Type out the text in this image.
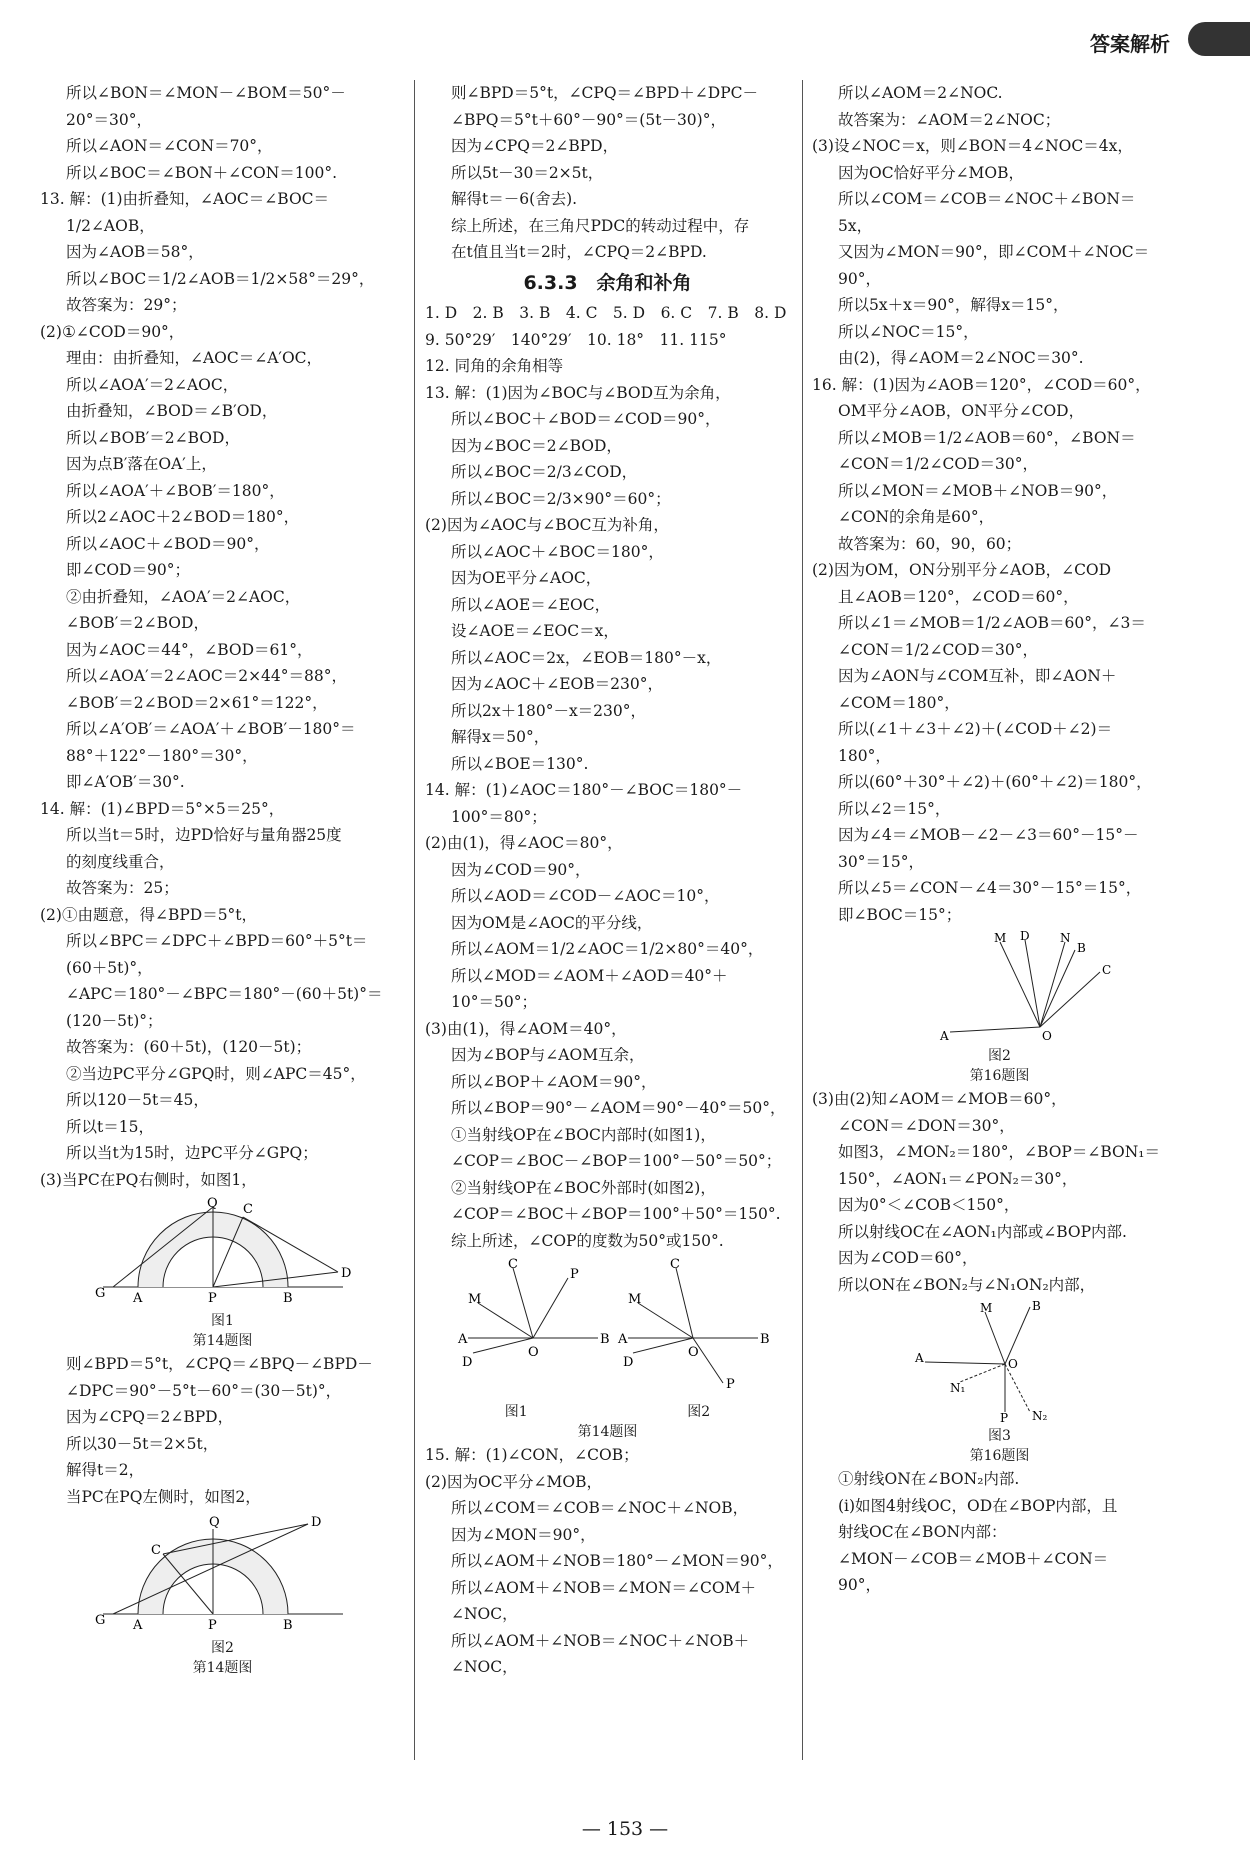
答案解析
所以∠BON＝∠MON－∠BOM＝50°－
20°＝30°，
所以∠AON＝∠CON＝70°，
所以∠BOC＝∠BON＋∠CON＝100°.
13. 解：(1)由折叠知，∠AOC＝∠BOC＝
1/2∠AOB，
因为∠AOB＝58°，
所以∠BOC＝1/2∠AOB＝1/2×58°＝29°，
故答案为：29°；
(2)①∠COD＝90°，
理由：由折叠知，∠AOC＝∠A′OC，
所以∠AOA′＝2∠AOC，
由折叠知，∠BOD＝∠B′OD，
所以∠BOB′＝2∠BOD，
因为点B′落在OA′上，
所以∠AOA′＋∠BOB′＝180°，
所以2∠AOC＋2∠BOD＝180°，
所以∠AOC＋∠BOD＝90°，
即∠COD＝90°；
②由折叠知，∠AOA′＝2∠AOC，
∠BOB′＝2∠BOD，
因为∠AOC＝44°，∠BOD＝61°，
所以∠AOA′＝2∠AOC＝2×44°＝88°，
∠BOB′＝2∠BOD＝2×61°＝122°，
所以∠A′OB′＝∠AOA′＋∠BOB′－180°＝
88°＋122°－180°＝30°，
即∠A′OB′＝30°.
14. 解：(1)∠BPD＝5°×5＝25°，
所以当t＝5时，边PD恰好与量角器25度
的刻度线重合，
故答案为：25；
(2)①由题意，得∠BPD＝5°t，
所以∠BPC＝∠DPC＋∠BPD＝60°＋5°t＝
(60＋5t)°，
∠APC＝180°－∠BPC＝180°－(60＋5t)°＝
(120－5t)°；
故答案为：(60＋5t)，(120－5t)；
②当边PC平分∠GPQ时，则∠APC＝45°，
所以120－5t＝45，
所以t＝15，
所以当t为15时，边PC平分∠GPQ；
(3)当PC在PQ右侧时，如图1，
G A	P	B
Q C
D
图1
第14题图
则∠BPD＝5°t，∠CPQ＝∠BPQ－∠BPD－
∠DPC＝90°－5°t－60°＝(30－5t)°，
因为∠CPQ＝2∠BPD，
所以30－5t＝2×5t，
解得t＝2，
当PC在PQ左侧时，如图2，
G A	P	B
Q	D
C
图2
第14题图
则∠BPD＝5°t，∠CPQ＝∠BPD＋∠DPC－
∠BPQ＝5°t＋60°－90°＝(5t－30)°，
因为∠CPQ＝2∠BPD，
所以5t－30＝2×5t，
解得t＝－6(舍去).
综上所述，在三角尺PDC的转动过程中，存
在t值且当t＝2时，∠CPQ＝2∠BPD.
6.3.3　余角和补角
1. D　2. B　3. B　4. C　5. D　6. C　7. B　8. D
9. 50°29′　140°29′　10. 18°　11. 115°
12. 同角的余角相等
13. 解：(1)因为∠BOC与∠BOD互为余角，
所以∠BOC＋∠BOD＝∠COD＝90°，
因为∠BOC＝2∠BOD，
所以∠BOC＝2/3∠COD，
所以∠BOC＝2/3×90°＝60°；
(2)因为∠AOC与∠BOC互为补角，
所以∠AOC＋∠BOC＝180°，
因为OE平分∠AOC，
所以∠AOE＝∠EOC，
设∠AOE＝∠EOC＝x，
所以∠AOC＝2x，∠EOB＝180°－x，
因为∠AOC＋∠EOB＝230°，
所以2x＋180°－x＝230°，
解得x＝50°，
所以∠BOE＝130°.
14. 解：(1)∠AOC＝180°－∠BOC＝180°－
100°＝80°；
(2)由(1)，得∠AOC＝80°，
因为∠COD＝90°，
所以∠AOD＝∠COD－∠AOC＝10°，
因为OM是∠AOC的平分线，
所以∠AOM＝1/2∠AOC＝1/2×80°＝40°，
所以∠MOD＝∠AOM＋∠AOD＝40°＋
10°＝50°；
(3)由(1)，得∠AOM＝40°，
因为∠BOP与∠AOM互余，
所以∠BOP＋∠AOM＝90°，
所以∠BOP＝90°－∠AOM＝90°－40°＝50°，
①当射线OP在∠BOC内部时(如图1)，
∠COP＝∠BOC－∠BOP＝100°－50°＝50°；
②当射线OP在∠BOC外部时(如图2)，
∠COP＝∠BOC＋∠BOP＝100°＋50°＝150°.
综上所述，∠COP的度数为50°或150°.
A	B
O
C
P
M
D
A	B
O
C
P
M
D
图1	图2
第14题图
15. 解：(1)∠CON，∠COB；
(2)因为OC平分∠MOB，
所以∠COM＝∠COB＝∠NOC＋∠NOB，
因为∠MON＝90°，
所以∠AOM＋∠NOB＝180°－∠MON＝90°，
所以∠AOM＋∠NOB＝∠MON＝∠COM＋
∠NOC，
所以∠AOM＋∠NOB＝∠NOC＋∠NOB＋
∠NOC，
所以∠AOM＝2∠NOC.
故答案为：∠AOM＝2∠NOC；
(3)设∠NOC＝x，则∠BON＝4∠NOC＝4x，
因为OC恰好平分∠MOB，
所以∠COM＝∠COB＝∠NOC＋∠BON＝
5x，
又因为∠MON＝90°，即∠COM＋∠NOC＝
90°，
所以5x＋x＝90°，解得x＝15°，
所以∠NOC＝15°，
由(2)，得∠AOM＝2∠NOC＝30°.
16. 解：(1)因为∠AOB＝120°，∠COD＝60°，
OM平分∠AOB，ON平分∠COD，
所以∠MOB＝1/2∠AOB＝60°，∠BON＝
∠CON＝1/2∠COD＝30°，
所以∠MON＝∠MOB＋∠NOB＝90°，
∠CON的余角是60°，
故答案为：60，90，60；
(2)因为OM，ON分别平分∠AOB，∠COD
且∠AOB＝120°，∠COD＝60°，
所以∠1＝∠MOB＝1/2∠AOB＝60°，∠3＝
∠CON＝1/2∠COD＝30°，
因为∠AON与∠COM互补，即∠AON＋
∠COM＝180°，
所以(∠1＋∠3＋∠2)＋(∠COD＋∠2)＝
180°，
所以(60°＋30°＋∠2)＋(60°＋∠2)＝180°，
所以∠2＝15°，
因为∠4＝∠MOB－∠2－∠3＝60°－15°－
30°＝15°，
所以∠5＝∠CON－∠4＝30°－15°＝15°，
即∠BOC＝15°；
A	O
M D	N
B
C
图2
第16题图
(3)由(2)知∠AOM＝∠MOB＝60°，
∠CON＝∠DON＝30°，
如图3，∠MON₂＝180°，∠BOP＝∠BON₁＝
150°，∠AON₁＝∠PON₂＝30°，
因为0°＜∠COB＜150°，
所以射线OC在∠AON₁内部或∠BOP内部.
因为∠COD＝60°，
所以ON在∠BON₂与∠N₁ON₂内部，
A	O
M	B
N₁
P N₂
图3
第16题图
①射线ON在∠BON₂内部.
(i)如图4射线OC，OD在∠BOP内部，且
射线OC在∠BON内部：
∠MON－∠COB＝∠MOB＋∠CON＝
90°，
— 153 —
